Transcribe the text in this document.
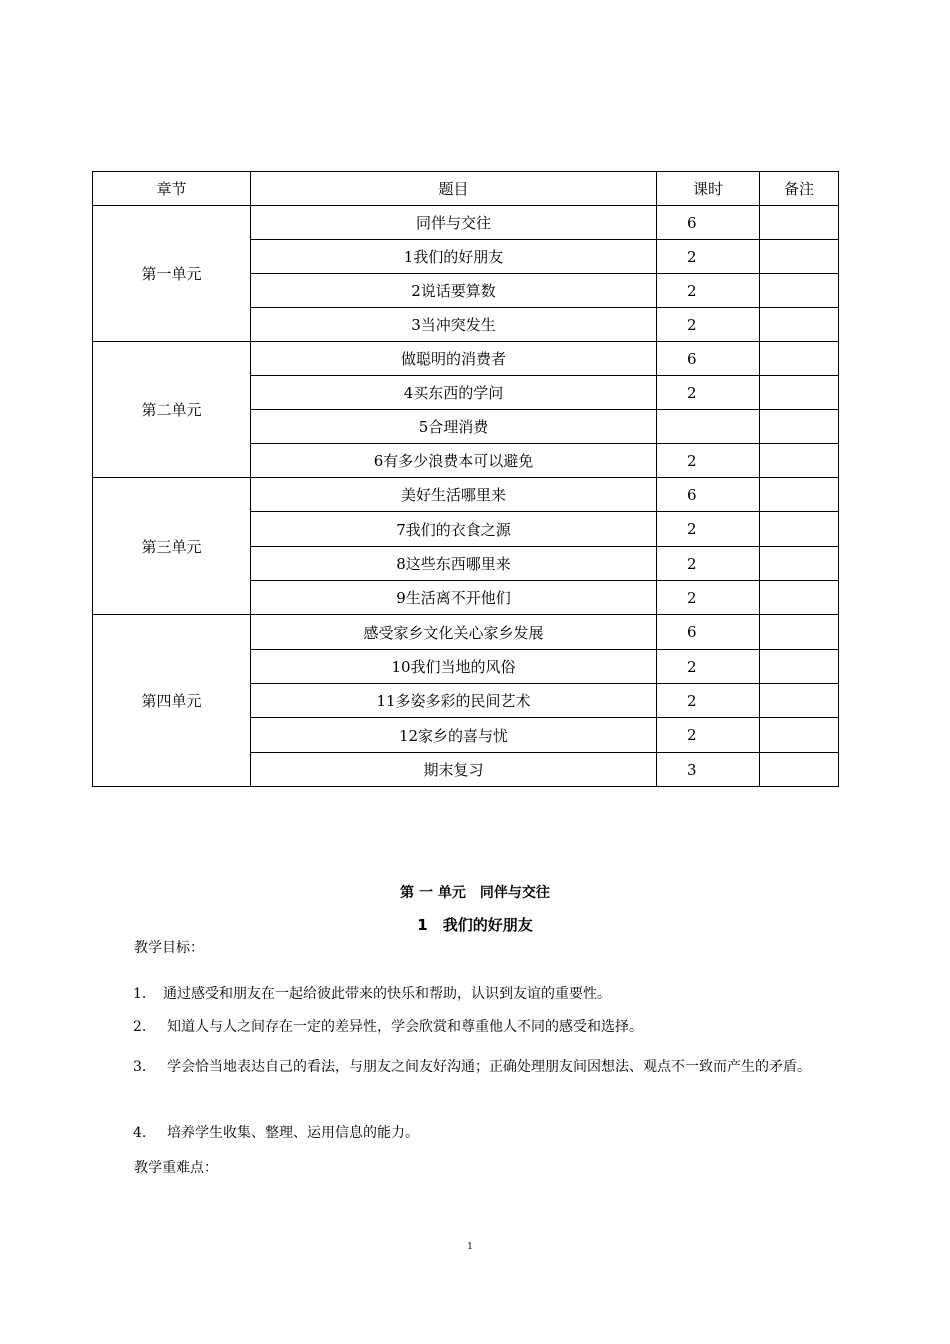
章节	题目	课时	备注
第一单元	同伴与交往	6	
	1我们的好朋友	2	
	2说话要算数	2	
	3当冲突发生	2	
第二单元	做聪明的消费者	6	
	4买东西的学问	2	
	5合理消费		
	6有多少浪费本可以避免	2	
第三单元	美好生活哪里来	6	
	7我们的衣食之源	2	
	8这些东西哪里来	2	
	9生活离不开他们	2	
第四单元	感受家乡文化关心家乡发展	6	
	10我们当地的风俗	2	
	11多姿多彩的民间艺术	2	
	12家乡的喜与忧	2	
	期末复习	3	
第 一 单元　同伴与交往
1　我们的好朋友
教学目标：
1. 通过感受和朋友在一起给彼此带来的快乐和帮助，认识到友谊的重要性。
2. 知道人与人之间存在一定的差异性，学会欣赏和尊重他人不同的感受和选择。
3. 学会恰当地表达自己的看法，与朋友之间友好沟通；正确处理朋友间因想法、观点不一致而产生的矛盾。
4. 培养学生收集、整理、运用信息的能力。
教学重难点：
1
